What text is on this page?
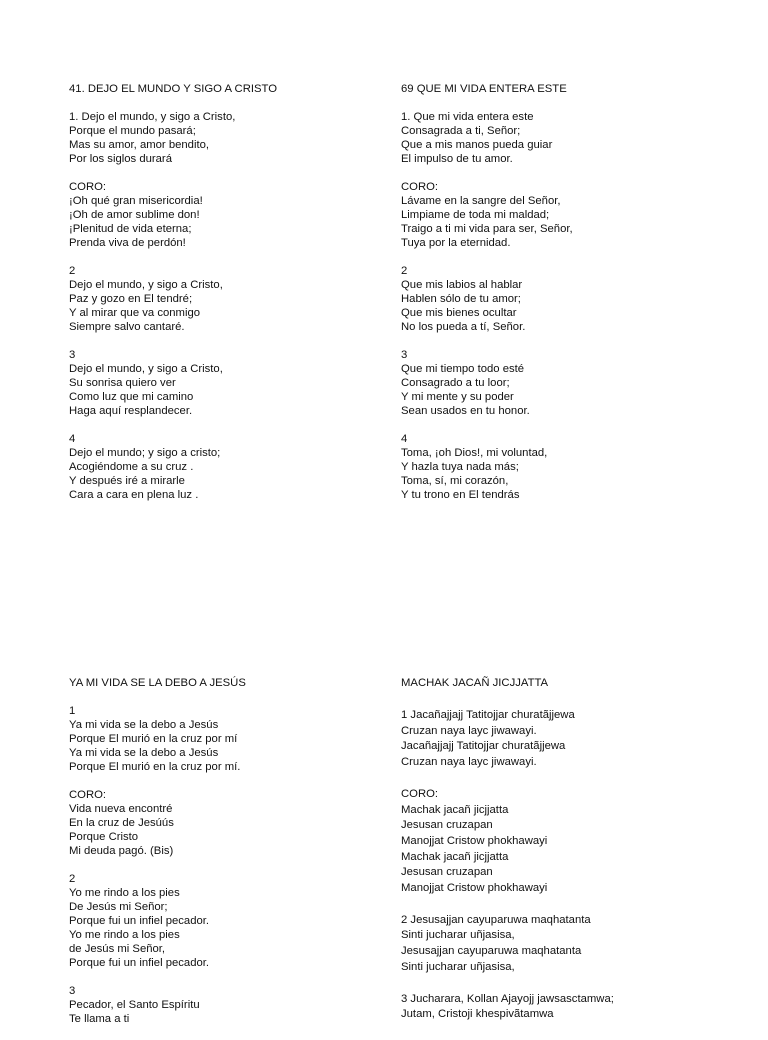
41. DEJO EL MUNDO Y SIGO A CRISTO
1. Dejo el mundo, y sigo a Cristo,
Porque el mundo pasará;
Mas su amor, amor bendito,
Por los siglos durará
CORO:
¡Oh qué gran misericordia!
¡Oh de amor sublime don!
¡Plenitud de vida eterna;
Prenda viva de perdón!
2
Dejo el mundo, y sigo a Cristo,
Paz y gozo en El tendré;
Y al mirar que va conmigo
Siempre salvo cantaré.
3
Dejo el mundo, y sigo a Cristo,
Su sonrisa quiero ver
Como luz que mi camino
Haga aquí resplandecer.
4
Dejo el mundo; y sigo a cristo;
Acogiéndome a su cruz .
Y después iré a mirarle
Cara a cara en plena luz .
69 QUE MI VIDA ENTERA ESTE
1. Que mi vida entera este
Consagrada a ti, Señor;
Que a mis manos pueda guiar
El impulso de tu amor.
CORO:
Lávame en la sangre del Señor,
Limpiame de toda mi maldad;
Traigo a ti mi vida para ser, Señor,
Tuya por la eternidad.
2
Que mis labios al hablar
Hablen sólo de tu amor;
Que mis bienes ocultar
No los pueda a tí, Señor.
3
Que mi tiempo todo esté
Consagrado a tu loor;
Y mi mente y su poder
Sean usados en tu honor.
4
Toma, ¡oh Dios!, mi voluntad,
Y hazla tuya nada más;
Toma, sí, mi corazón,
Y tu trono en El tendrás
YA MI VIDA SE LA DEBO A JESÚS
1
Ya mi vida se la debo a Jesús
Porque El murió en la cruz por mí
Ya mi vida se la debo a Jesús
Porque El murió en la cruz por mí.
CORO:
Vida nueva encontré
En la cruz de Jesúús
Porque Cristo
Mi deuda pagó. (Bis)
2
Yo me rindo a los pies
De Jesús mi Señor;
Porque fui un infiel pecador.
Yo me rindo a los pies
de Jesús mi Señor,
Porque fui un infiel pecador.
3
Pecador, el Santo Espíritu
Te llama a ti
MACHAK JACAÑ JICJJATTA
1 Jacañajjajj Tatitojjar churatãjjewa
Cruzan naya layc jiwawayi.
Jacañajjajj Tatitojjar churatãjjewa
Cruzan naya layc jiwawayi.
CORO:
Machak jacañ jicjjatta
Jesusan cruzapan
Manojjat Cristow phokhawayi
Machak jacañ jicjjatta
Jesusan cruzapan
Manojjat Cristow phokhawayi
2 Jesusajjan cayuparuwa maqhatanta
Sinti jucharar uñjasisa,
Jesusajjan cayuparuwa maqhatanta
Sinti jucharar uñjasisa,
3 Jucharara, Kollan Ajayojj jawsasctamwa;
Jutam, Cristoji khespivãtamwa
